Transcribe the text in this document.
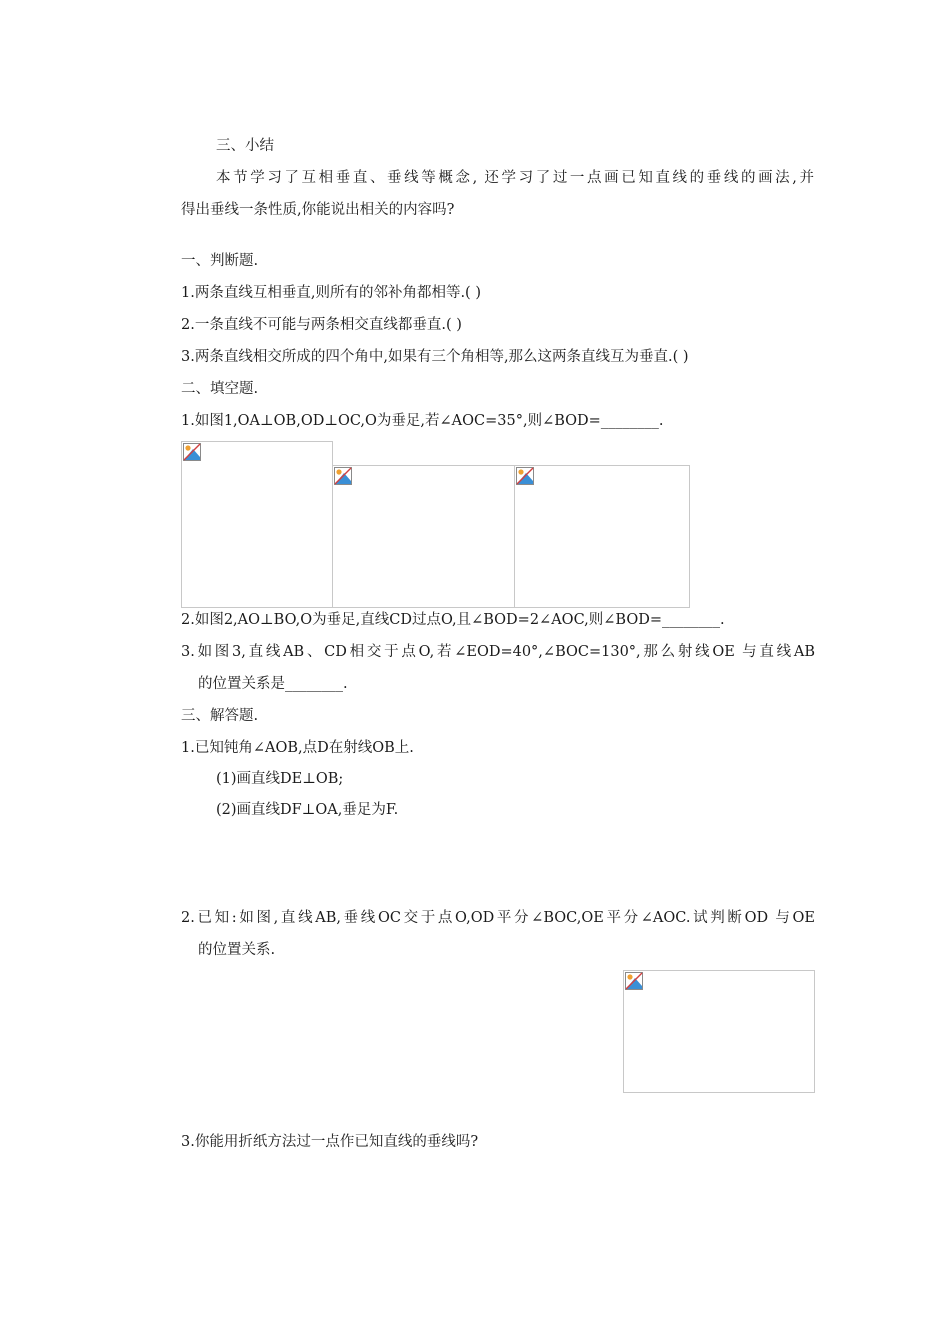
三、小结
本节学习了互相垂直、垂线等概念, 还学习了过一点画已知直线的垂线的画法,并
得出垂线一条性质,你能说出相关的内容吗?
一、判断题.
1.两条直线互相垂直,则所有的邻补角都相等.( )
2.一条直线不可能与两条相交直线都垂直.( )
3.两条直线相交所成的四个角中,如果有三个角相等,那么这两条直线互为垂直.( )
二、填空题.
1.如图1,OA⊥OB,OD⊥OC,O为垂足,若∠AOC=35°,则∠BOD=________.
2.如图2,AO⊥BO,O为垂足,直线CD过点O,且∠BOD=2∠AOC,则∠BOD=________.
3.如图3,直线AB、CD相交于点O,若∠EOD=40°,∠BOC=130°,那么射线OE 与直线AB
的位置关系是________.
三、解答题.
1.已知钝角∠AOB,点D在射线OB上.
(1)画直线DE⊥OB;
(2)画直线DF⊥OA,垂足为F.
2.已知:如图,直线AB,垂线OC交于点O,OD平分∠BOC,OE平分∠AOC.试判断OD 与OE
的位置关系.
3.你能用折纸方法过一点作已知直线的垂线吗?
